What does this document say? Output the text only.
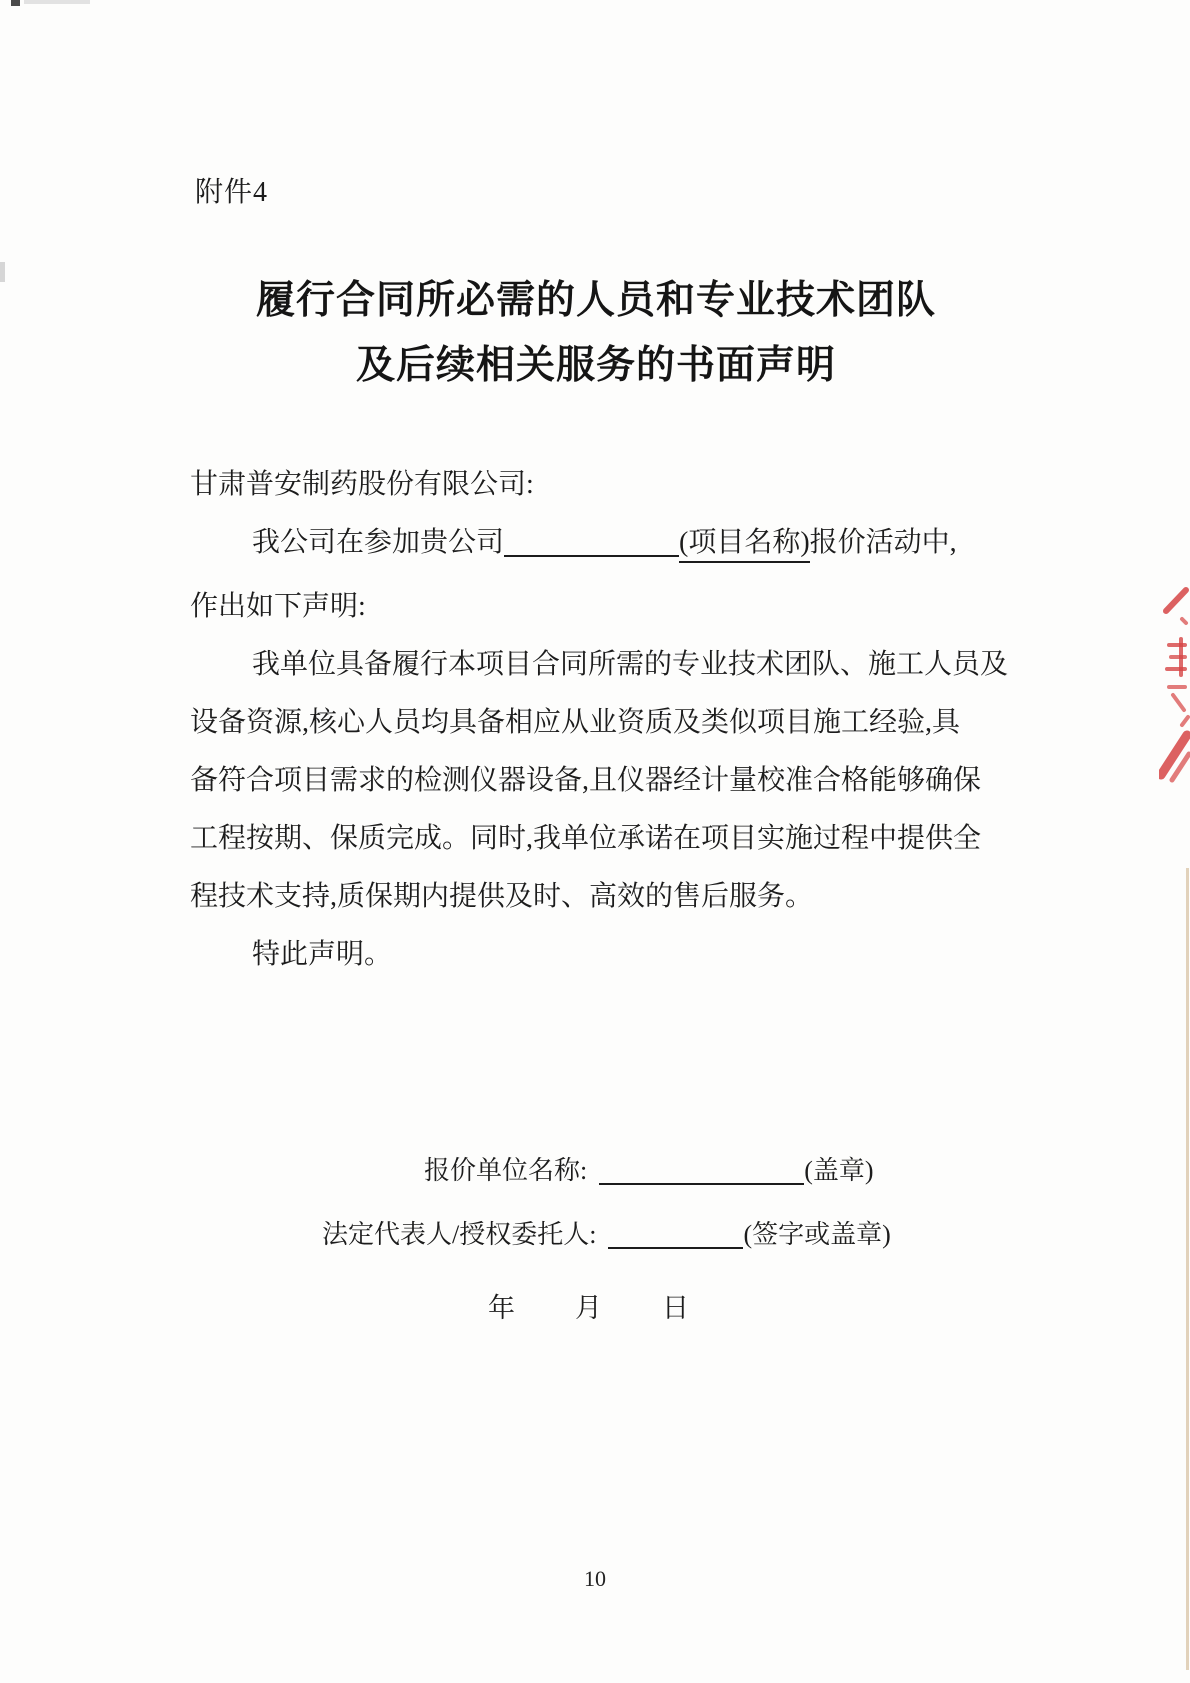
附件4
履行合同所必需的人员和专业技术团队
及后续相关服务的书面声明
甘肃普安制药股份有限公司:
我公司在参加贵公司	(项目名称)报价活动中,
作出如下声明:
我单位具备履行本项目合同所需的专业技术团队、施工人员及
设备资源,核心人员均具备相应从业资质及类似项目施工经验,具
备符合项目需求的检测仪器设备,且仪器经计量校准合格能够确保
工程按期、保质完成。同时,我单位承诺在项目实施过程中提供全
程技术支持,质保期内提供及时、高效的售后服务。
特此声明。
报价单位名称:	(盖章)
法定代表人/授权委托人:	(签字或盖章)
年　　月　　日
10
